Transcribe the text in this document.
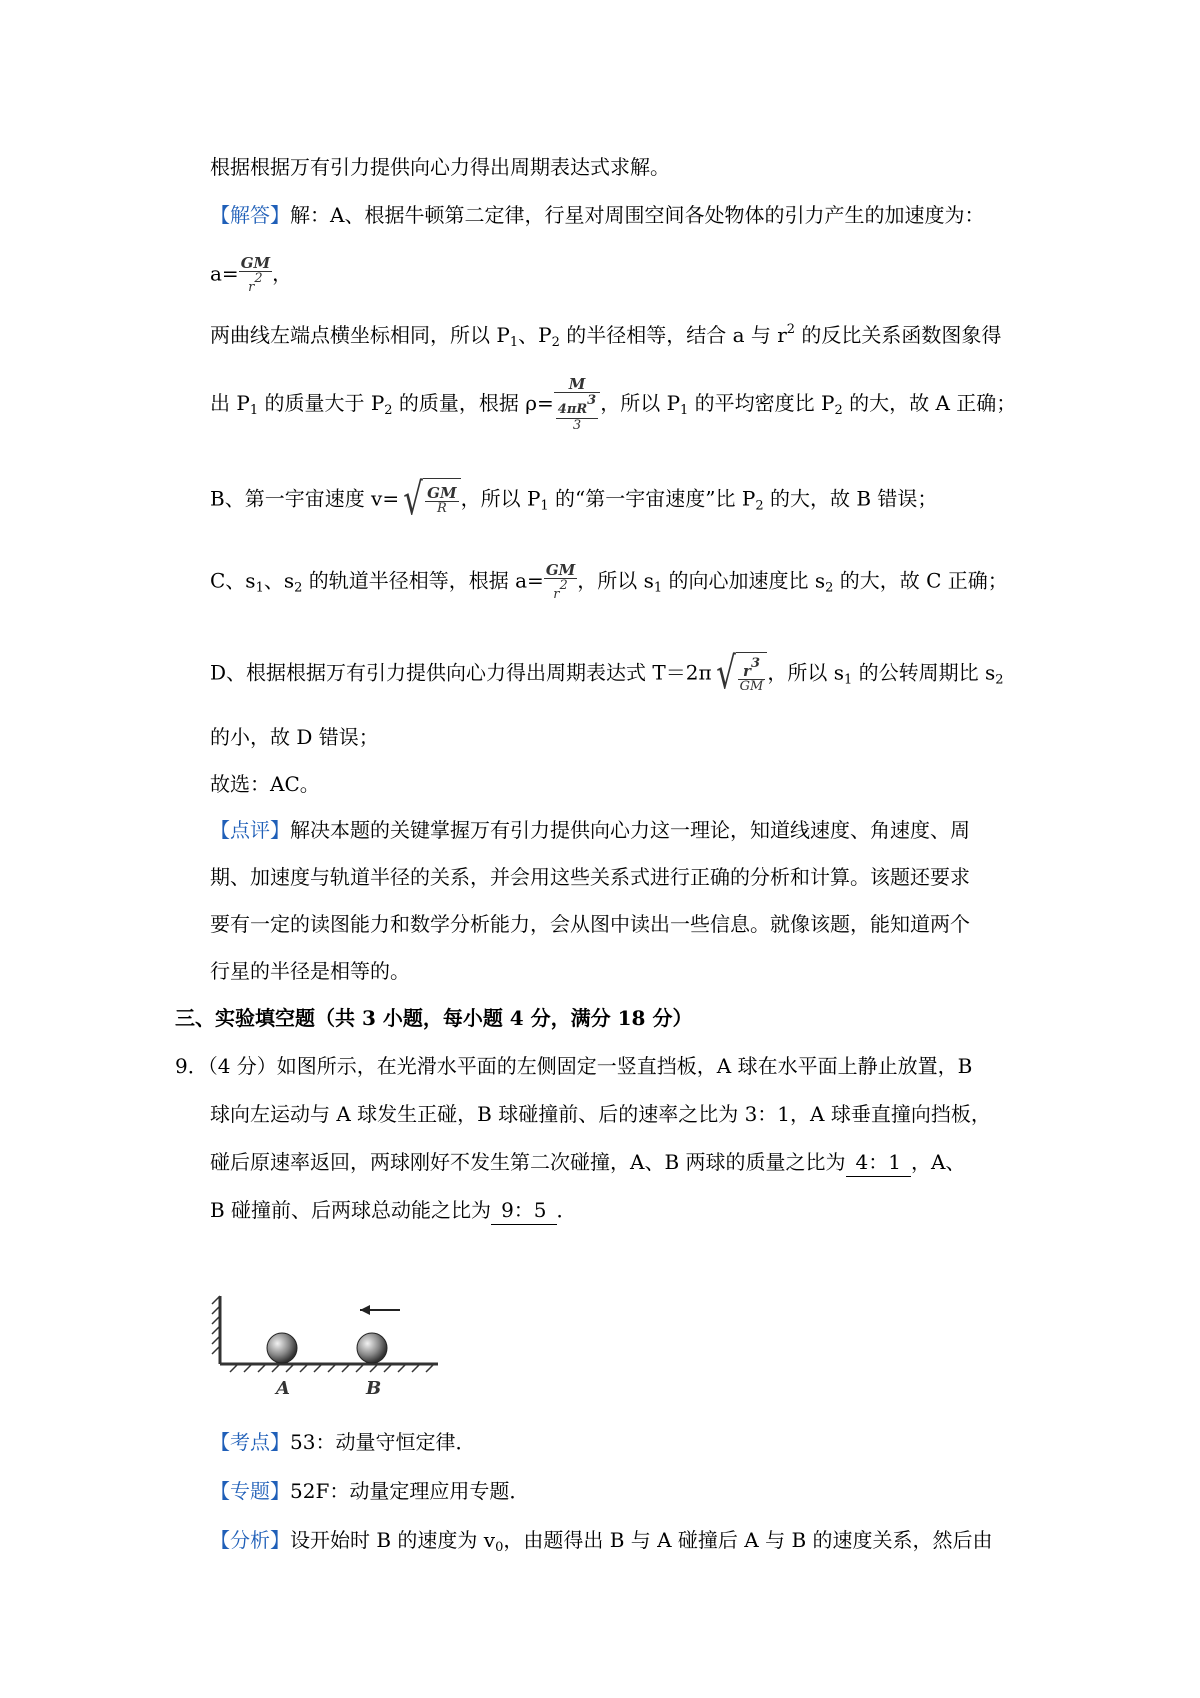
根据根据万有引力提供向心力得出周期表达式求解。
【解答】解：A、根据牛顿第二定律，行星对周围空间各处物体的引力产生的加速度为：
$a= \frac{GM}{r^2}$ ，
两曲线左端点横坐标相同，所以 $P_1$、$P_2$ 的半径相等，结合 a 与 $r^2$ 的反比关系函数图象得
出 $P_1$ 的质量大于 $P_2$ 的质量，根据 $\rho= \frac{M}{\frac{4\pi R^3}{3}}$ ，所以 $P_1$ 的平均密度比 $P_2$ 的大，故 A 正确；
B、第一宇宙速度 v= √ $\frac{GM}{R}$ ，所以 $P_1$ 的“第一宇宙速度”比 $P_2$ 的大，故 B 错误；
C、$s_1$、$s_2$ 的轨道半径相等，根据 $a= \frac{GM}{r^2}$ ，所以 $s_1$ 的向心加速度比 $s_2$ 的大，故 C 正确；
D、根据根据万有引力提供向心力得出周期表达式 T＝2π √ $\frac{r^3}{GM}$ ，所以 $s_1$ 的公转周期比 $s_2$
的小，故 D 错误；
故选：AC。
【点评】解决本题的关键掌握万有引力提供向心力这一理论，知道线速度、角速度、周
期、加速度与轨道半径的关系，并会用这些关系式进行正确的分析和计算。该题还要求
要有一定的读图能力和数学分析能力，会从图中读出一些信息。就像该题，能知道两个
行星的半径是相等的。
三、实验填空题（共 3 小题，每小题 4 分，满分 18 分）
9．（4 分）如图所示，在光滑水平面的左侧固定一竖直挡板，A 球在水平面上静止放置，B
球向左运动与 A 球发生正碰，B 球碰撞前、后的速率之比为 3：1，A 球垂直撞向挡板，
碰后原速率返回，两球刚好不发生第二次碰撞，A、B 两球的质量之比为 4：1 ，A、
B 碰撞前、后两球总动能之比为 9：5 ．
A	B
【考点】53：动量守恒定律．
【专题】52F：动量定理应用专题．
【分析】设开始时 B 的速度为 $v_0$，由题得出 B 与 A 碰撞后 A 与 B 的速度关系，然后由
